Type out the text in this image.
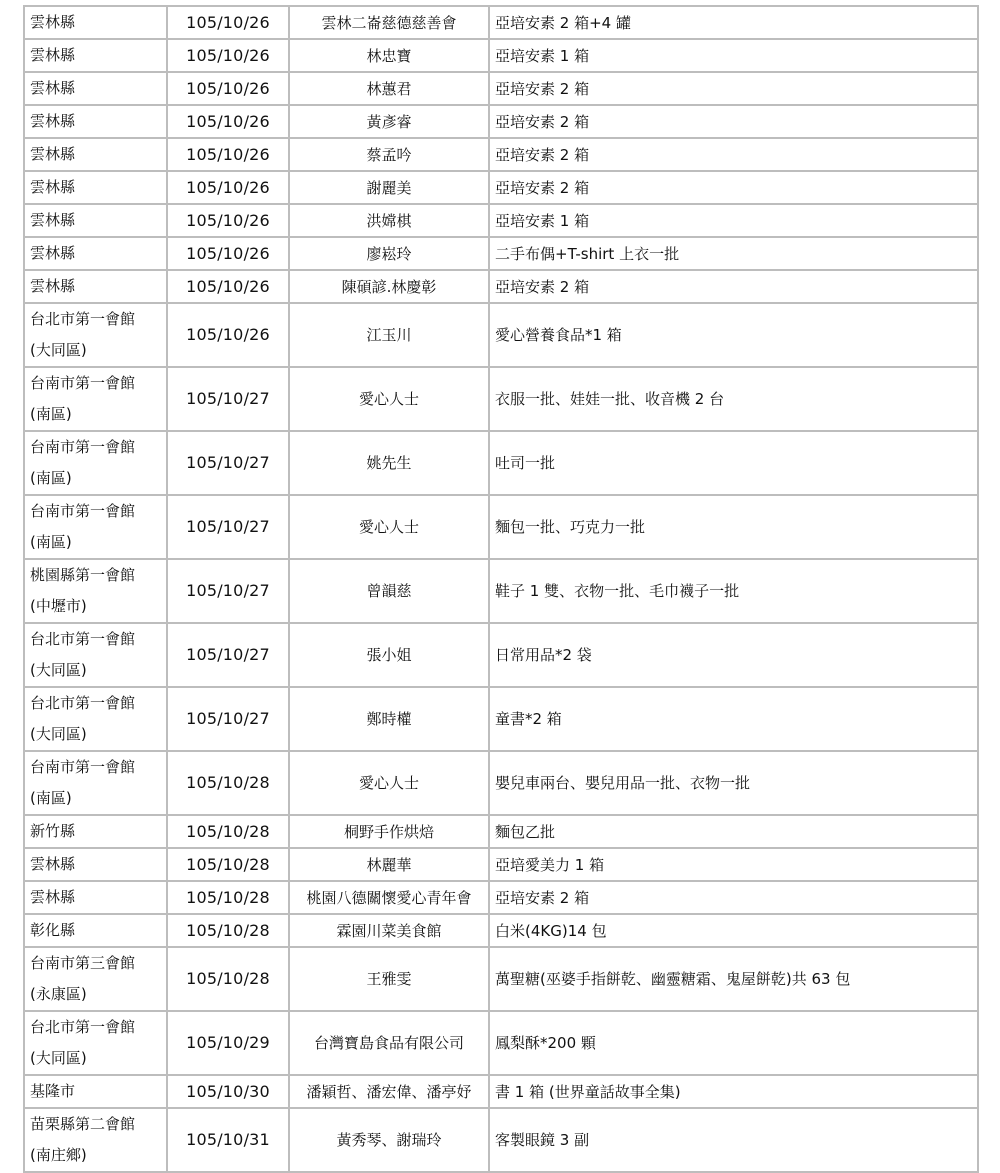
雲林縣	105/10/26	雲林二崙慈德慈善會	亞培安素 2 箱+4 罐

雲林縣	105/10/26	林忠寶	亞培安素 1 箱

雲林縣	105/10/26	林蕙君	亞培安素 2 箱

雲林縣	105/10/26	黃彥睿	亞培安素 2 箱

雲林縣	105/10/26	蔡孟吟	亞培安素 2 箱

雲林縣	105/10/26	謝麗美	亞培安素 2 箱

雲林縣	105/10/26	洪嫦棋	亞培安素 1 箱

雲林縣	105/10/26	廖崧玲	二手布偶+T-shirt 上衣一批

雲林縣	105/10/26	陳碩諺.林慶彰	亞培安素 2 箱

台北市第一會館
(大同區)	105/10/26	江玉川	愛心營養食品*1 箱

台南市第一會館
(南區)	105/10/27	愛心人士	衣服一批、娃娃一批、收音機 2 台

台南市第一會館
(南區)	105/10/27	姚先生	吐司一批

台南市第一會館
(南區)	105/10/27	愛心人士	麵包一批、巧克力一批

桃園縣第一會館
(中壢市)	105/10/27	曾韻慈	鞋子 1 雙、衣物一批、毛巾襪子一批

台北市第一會館
(大同區)	105/10/27	張小姐	日常用品*2 袋

台北市第一會館
(大同區)	105/10/27	鄭時權	童書*2 箱

台南市第一會館
(南區)	105/10/28	愛心人士	嬰兒車兩台、嬰兒用品一批、衣物一批

新竹縣	105/10/28	桐野手作烘焙	麵包乙批

雲林縣	105/10/28	林麗華	亞培愛美力 1 箱

雲林縣	105/10/28	桃園八德關懷愛心青年會	亞培安素 2 箱

彰化縣	105/10/28	霖園川菜美食館	白米(4KG)14 包

台南市第三會館
(永康區)	105/10/28	王雅雯	萬聖糖(巫婆手指餅乾、幽靈糖霜、鬼屋餅乾)共 63 包

台北市第一會館
(大同區)	105/10/29	台灣寶島食品有限公司	鳳梨酥*200 顆

基隆市	105/10/30	潘穎哲、潘宏偉、潘亭妤	書 1 箱 (世界童話故事全集)

苗栗縣第二會館
(南庄鄉)	105/10/31	黃秀琴、謝瑞玲	客製眼鏡 3 副
